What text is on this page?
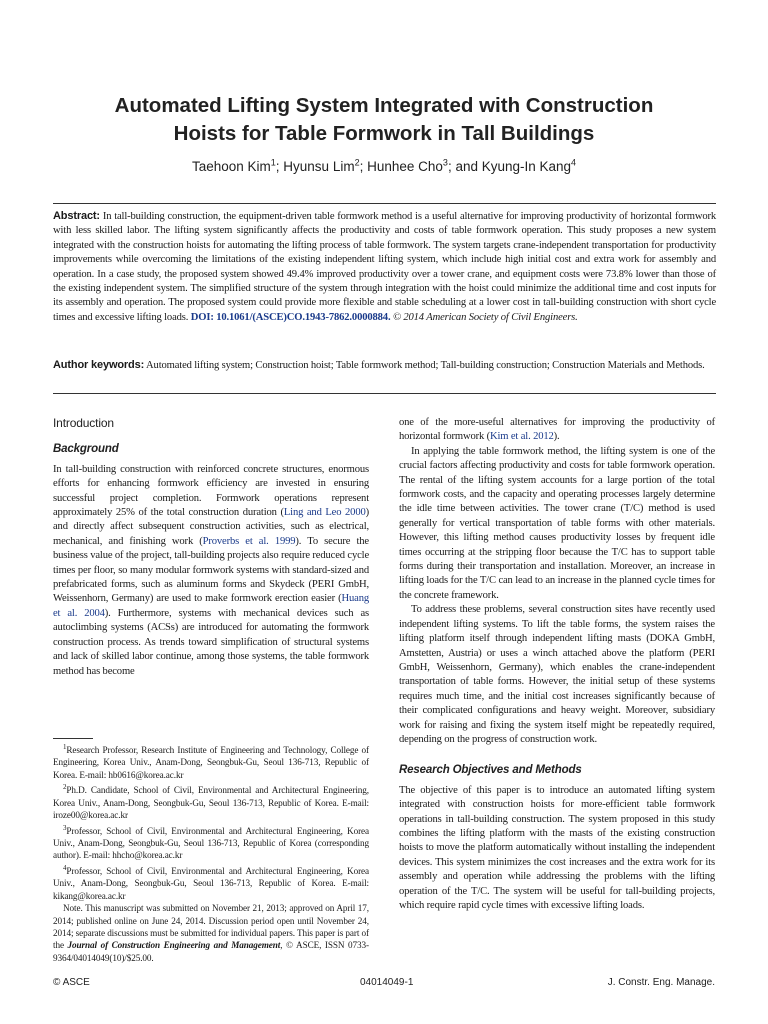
Automated Lifting System Integrated with Construction
Hoists for Table Formwork in Tall Buildings
Taehoon Kim$^1$; Hyunsu Lim$^2$; Hunhee Cho$^3$; and Kyung-In Kang$^4$

Abstract: In tall-building construction, the equipment-driven table formwork method is a useful alternative for improving productivity of horizontal formwork with less skilled labor. The lifting system significantly affects the productivity and costs of table formwork operation. This study proposes a new system integrated with the construction hoists for automating the lifting process of table formwork. The system targets crane-independent transportation for productivity improvements while overcoming the limitations of the existing independent lifting system, which include high initial cost and extra work for assembly and operation. In a case study, the proposed system showed 49.4% improved productivity over a tower crane, and equipment costs were 73.8% lower than those of the existing independent system. The simplified structure of the system through integration with the hoist could minimize the additional time and cost inputs for its assembly and operation. The proposed system could provide more flexible and stable scheduling at a lower cost in tall-building construction with short cycle times and excessive lifting loads. DOI: 10.1061/(ASCE)CO.1943-7862.0000884. © 2014 American Society of Civil Engineers.

Author keywords: Automated lifting system; Construction hoist; Table formwork method; Tall-building construction; Construction Materials and Methods.

Introduction
Background

In tall-building construction with reinforced concrete structures, enormous efforts for enhancing formwork efficiency are invested in ensuring successful project completion. Formwork operations represent approximately 25% of the total construction duration (Ling and Leo 2000) and directly affect subsequent construction activities, such as electrical, mechanical, and finishing work (Proverbs et al. 1999). To secure the business value of the project, tall-building projects also require reduced cycle times per floor, so many modular formwork systems with standard-sized and prefabricated forms, such as aluminum forms and Skydeck (PERI GmbH, Weissenhorn, Germany) are used to make formwork erection easier (Huang et al. 2004). Furthermore, systems with mechanical devices such as autoclimbing systems (ACSs) are introduced for automating the formwork construction process. As trends toward simplification of structural systems and lack of skilled labor continue, among those systems, the table formwork method has become

$^1$Research Professor, Research Institute of Engineering and Technology, College of Engineering, Korea Univ., Anam-Dong, Seongbuk-Gu, Seoul 136-713, Republic of Korea. E-mail: hb0616@korea.ac.kr

$^2$Ph.D. Candidate, School of Civil, Environmental and Architectural Engineering, Korea Univ., Anam-Dong, Seongbuk-Gu, Seoul 136-713, Republic of Korea. E-mail: iroze00@korea.ac.kr

$^3$Professor, School of Civil, Environmental and Architectural Engineering, Korea Univ., Anam-Dong, Seongbuk-Gu, Seoul 136-713, Republic of Korea (corresponding author). E-mail: hhcho@korea.ac.kr

$^4$Professor, School of Civil, Environmental and Architectural Engineering, Korea Univ., Anam-Dong, Seongbuk-Gu, Seoul 136-713, Republic of Korea. E-mail: kikang@korea.ac.kr

Note. This manuscript was submitted on November 21, 2013; approved on April 17, 2014; published online on June 24, 2014. Discussion period open until November 24, 2014; separate discussions must be submitted for individual papers. This paper is part of the Journal of Construction Engineering and Management, © ASCE, ISSN 0733-9364/04014049(10)/$25.00.

one of the more-useful alternatives for improving the productivity of horizontal formwork (Kim et al. 2012).

In applying the table formwork method, the lifting system is one of the crucial factors affecting productivity and costs for table formwork operation. The rental of the lifting system accounts for a large portion of the total formwork costs, and the capacity and operating processes largely determine the idle time between activities. The tower crane (T/C) method is used generally for vertical transportation of table forms with other materials. However, this lifting method causes productivity losses by frequent idle times occurring at the stripping floor because the T/C has to support table forms during their transportation and installation. Moreover, an increase in lifting loads for the T/C can lead to an increase in the planned cycle times for the concrete framework.

To address these problems, several construction sites have recently used independent lifting systems. To lift the table forms, the system raises the lifting platform itself through independent lifting masts (DOKA GmbH, Amstetten, Austria) or uses a winch attached above the platform (PERI GmbH, Weissenhorn, Germany), which enables the crane-independent transportation of table forms. However, the initial setup of these systems requires much time, and the initial cost increases significantly because of their complicated configurations and heavy weight. Moreover, subsidiary work for raising and fixing the system itself might be repeatedly required, depending on the progress of construction work.

Research Objectives and Methods

The objective of this paper is to introduce an automated lifting system integrated with construction hoists for more-efficient table formwork operations in tall-building construction. The system proposed in this study combines the lifting platform with the masts of the existing construction hoists to move the platform automatically without installing the independent devices. This system minimizes the cost increases and the extra work for its assembly and operation while addressing the problems with the lifting operation of the T/C. The system will be useful for tall-building projects, which require rapid cycle times with excessive lifting loads.

© ASCE	04014049-1	J. Constr. Eng. Manage.
